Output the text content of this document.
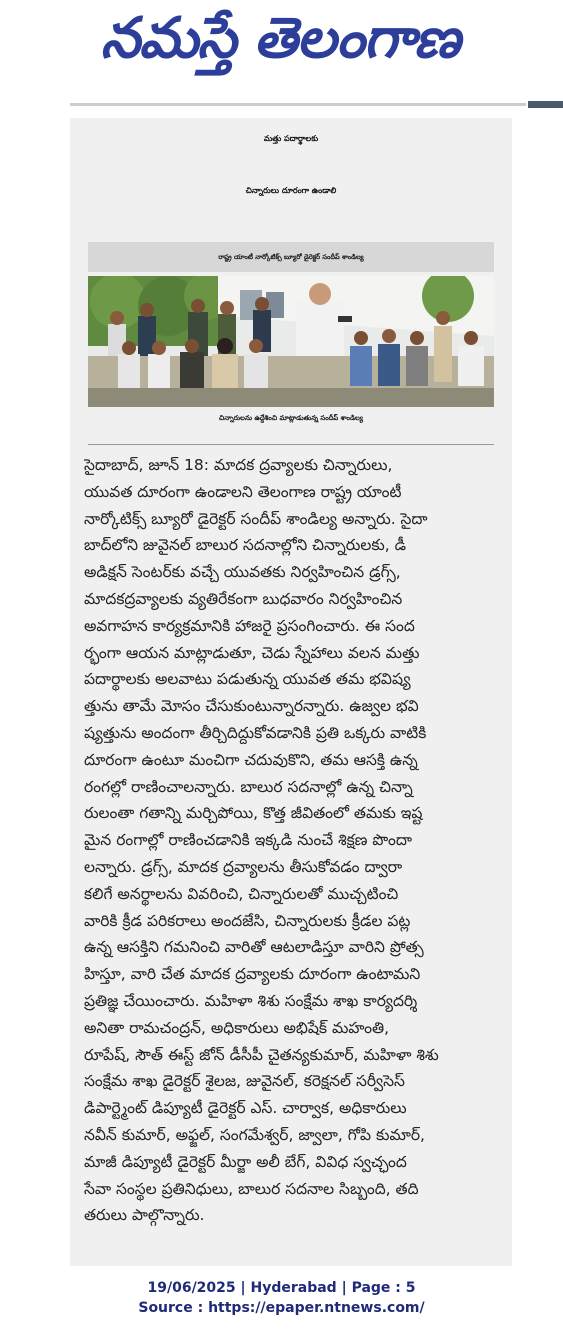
నమస్తే తెలంగాణ
మత్తు పదార్థాలకు
చిన్నారులు దూరంగా ఉండాలి
రాష్ట్ర యాంటీ నార్కోటిక్స్ బ్యూరో డైరెక్టర్ సందీప్ శాండిల్య
చిన్నారులను ఉద్దేశించి మాట్లాడుతున్న సందీప్ శాండిల్య
సైదాబాద్, జూన్ 18: మాదక ద్రవ్యాలకు చిన్నారులు,
యువత దూరంగా ఉండాలని తెలంగాణ రాష్ట్ర యాంటీ
నార్కోటిక్స్ బ్యూరో డైరెక్టర్ సందీప్ శాండిల్య అన్నారు. సైదా
బాద్‌లోని జువైనల్ బాలుర సదనాల్లోని చిన్నారులకు, డీ
అడిక్షన్ సెంటర్‌కు వచ్చే యువతకు నిర్వహించిన డ్రగ్స్,
మాదకద్రవ్యాలకు వ్యతిరేకంగా బుధవారం నిర్వహించిన
అవగాహన కార్యక్రమానికి హాజరై ప్రసంగించారు. ఈ సంద
ర్భంగా ఆయన మాట్లాడుతూ, చెడు స్నేహాలు వలన మత్తు
పదార్థాలకు అలవాటు పడుతున్న యువత తమ భవిష్య
త్తును తామే మోసం చేసుకుంటున్నారన్నారు. ఉజ్వల భవి
ష్యత్తును అందంగా తీర్చిదిద్దుకోవడానికి ప్రతి ఒక్కరు వాటికి
దూరంగా ఉంటూ మంచిగా చదువుకొని, తమ ఆసక్తి ఉన్న
రంగల్లో రాణించాలన్నారు. బాలుర సదనాల్లో ఉన్న చిన్నా
రులంతా గతాన్ని మర్చిపోయి, కొత్త జీవితంలో తమకు ఇష్ట
మైన రంగాల్లో రాణించడానికి ఇక్కడి నుంచే శిక్షణ పొందా
లన్నారు. డ్రగ్స్, మాదక ద్రవ్యాలను తీసుకోవడం ద్వారా
కలిగే అనర్థాలను వివరించి, చిన్నారులతో ముచ్చటించి
వారికి క్రీడ పరికరాలు అందజేసి, చిన్నారులకు క్రీడల పట్ల
ఉన్న ఆసక్తిని గమనించి వారితో ఆటలాడిస్తూ వారిని ప్రోత్స
హిస్తూ, వారి చేత మాదక ద్రవ్యాలకు దూరంగా ఉంటామని
ప్రతిజ్ఞ చేయించారు. మహిళా శిశు సంక్షేమ శాఖ కార్యదర్శి
అనితా రామచంద్రన్, అధికారులు అభిషేక్ మహంతి,
రూపేష్, సౌత్ ఈస్ట్ జోన్ డీసీపీ చైతన్యకుమార్, మహిళా శిశు
సంక్షేమ శాఖ డైరెక్టర్ శైలజ, జువైనల్, కరెక్షనల్ సర్వీసెస్
డిపార్ట్మెంట్ డిప్యూటీ డైరెక్టర్ ఎస్. చార్వాక, అధికారులు
నవీన్ కుమార్, అఫ్జల్, సంగమేశ్వర్, జ్వాలా, గోపి కుమార్,
మాజీ డిప్యూటీ డైరెక్టర్ మీర్జా అలీ బేగ్, వివిధ స్వచ్ఛంద
సేవా సంస్థల ప్రతినిధులు, బాలుర సదనాల సిబ్బంది, తది
తరులు పాల్గొన్నారు.
19/06/2025 | Hyderabad | Page : 5
Source : https://epaper.ntnews.com/
